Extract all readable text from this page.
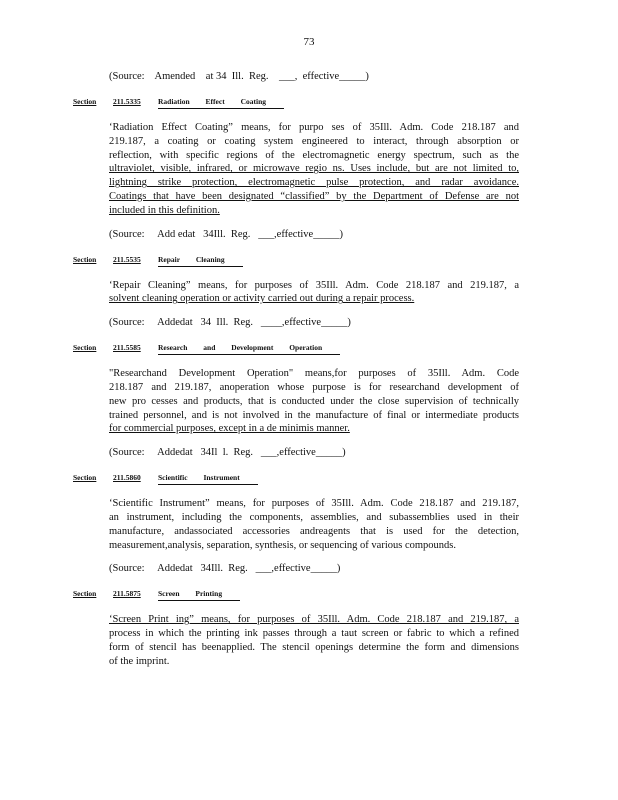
73
(Source:    Amended    at 34  Ill.  Reg.    ___,  effective_____)
Section 211.5335 Radiation Effect Coating
‘Radiation Effect Coating” means, for purpo ses of 35Ill. Adm. Code 218.187 and
219.187, a coating or coating system engineered to interact, through absorption or
reflection, with specific regions of the electromagnetic energy spectrum, such as the
ultraviolet, visible, infrared, or microwave regio ns. Uses include, but are not limited to,
lightning strike protection, electromagnetic pulse protection, and radar avoidance.
Coatings that have been designated “classified” by the Department of Defense are not
included in this definition.
(Source:     Add edat   34Ill.  Reg.   ___,effective_____)
Section 211.5535 Repair Cleaning
‘Repair Cleaning” means, for purposes of 35Ill. Adm. Code 218.187 and 219.187, a
solvent cleaning operation or activity carried out during a repair process.
(Source:     Addedat   34  Ill.  Reg.   ____,effective_____)
Section 211.5585 Research and Development Operation
"Researchand Development Operation" means,for purposes of 35Ill. Adm. Code
218.187 and 219.187, anoperation whose purpose is for researchand development of
new pro cesses and products, that is conducted under the close supervision of technically
trained personnel, and is not involved in the manufacture of final or intermediate products
for commercial purposes, except in a de minimis manner.
(Source:     Addedat   34Il  l.  Reg.   ___,effective_____)
Section 211.5860 Scientific Instrument
‘Scientific Instrument” means, for purposes of 35Ill. Adm. Code 218.187 and 219.187,
an instrument, including the components, assemblies, and subassemblies used in their
manufacture, andassociated accessories andreagents that is used for the detection,
measurement,analysis, separation, synthesis, or sequencing of various compounds.
(Source:     Addedat   34Ill.  Reg.   ___,effective_____)
Section 211.5875 Screen Printing
‘Screen Print ing” means, for purposes of 35Ill. Adm. Code 218.187 and 219.187, a
process in which the printing ink passes through a taut screen or fabric to which a refined
form of stencil has beenapplied. The stencil openings determine the form and dimensions
of the imprint.
